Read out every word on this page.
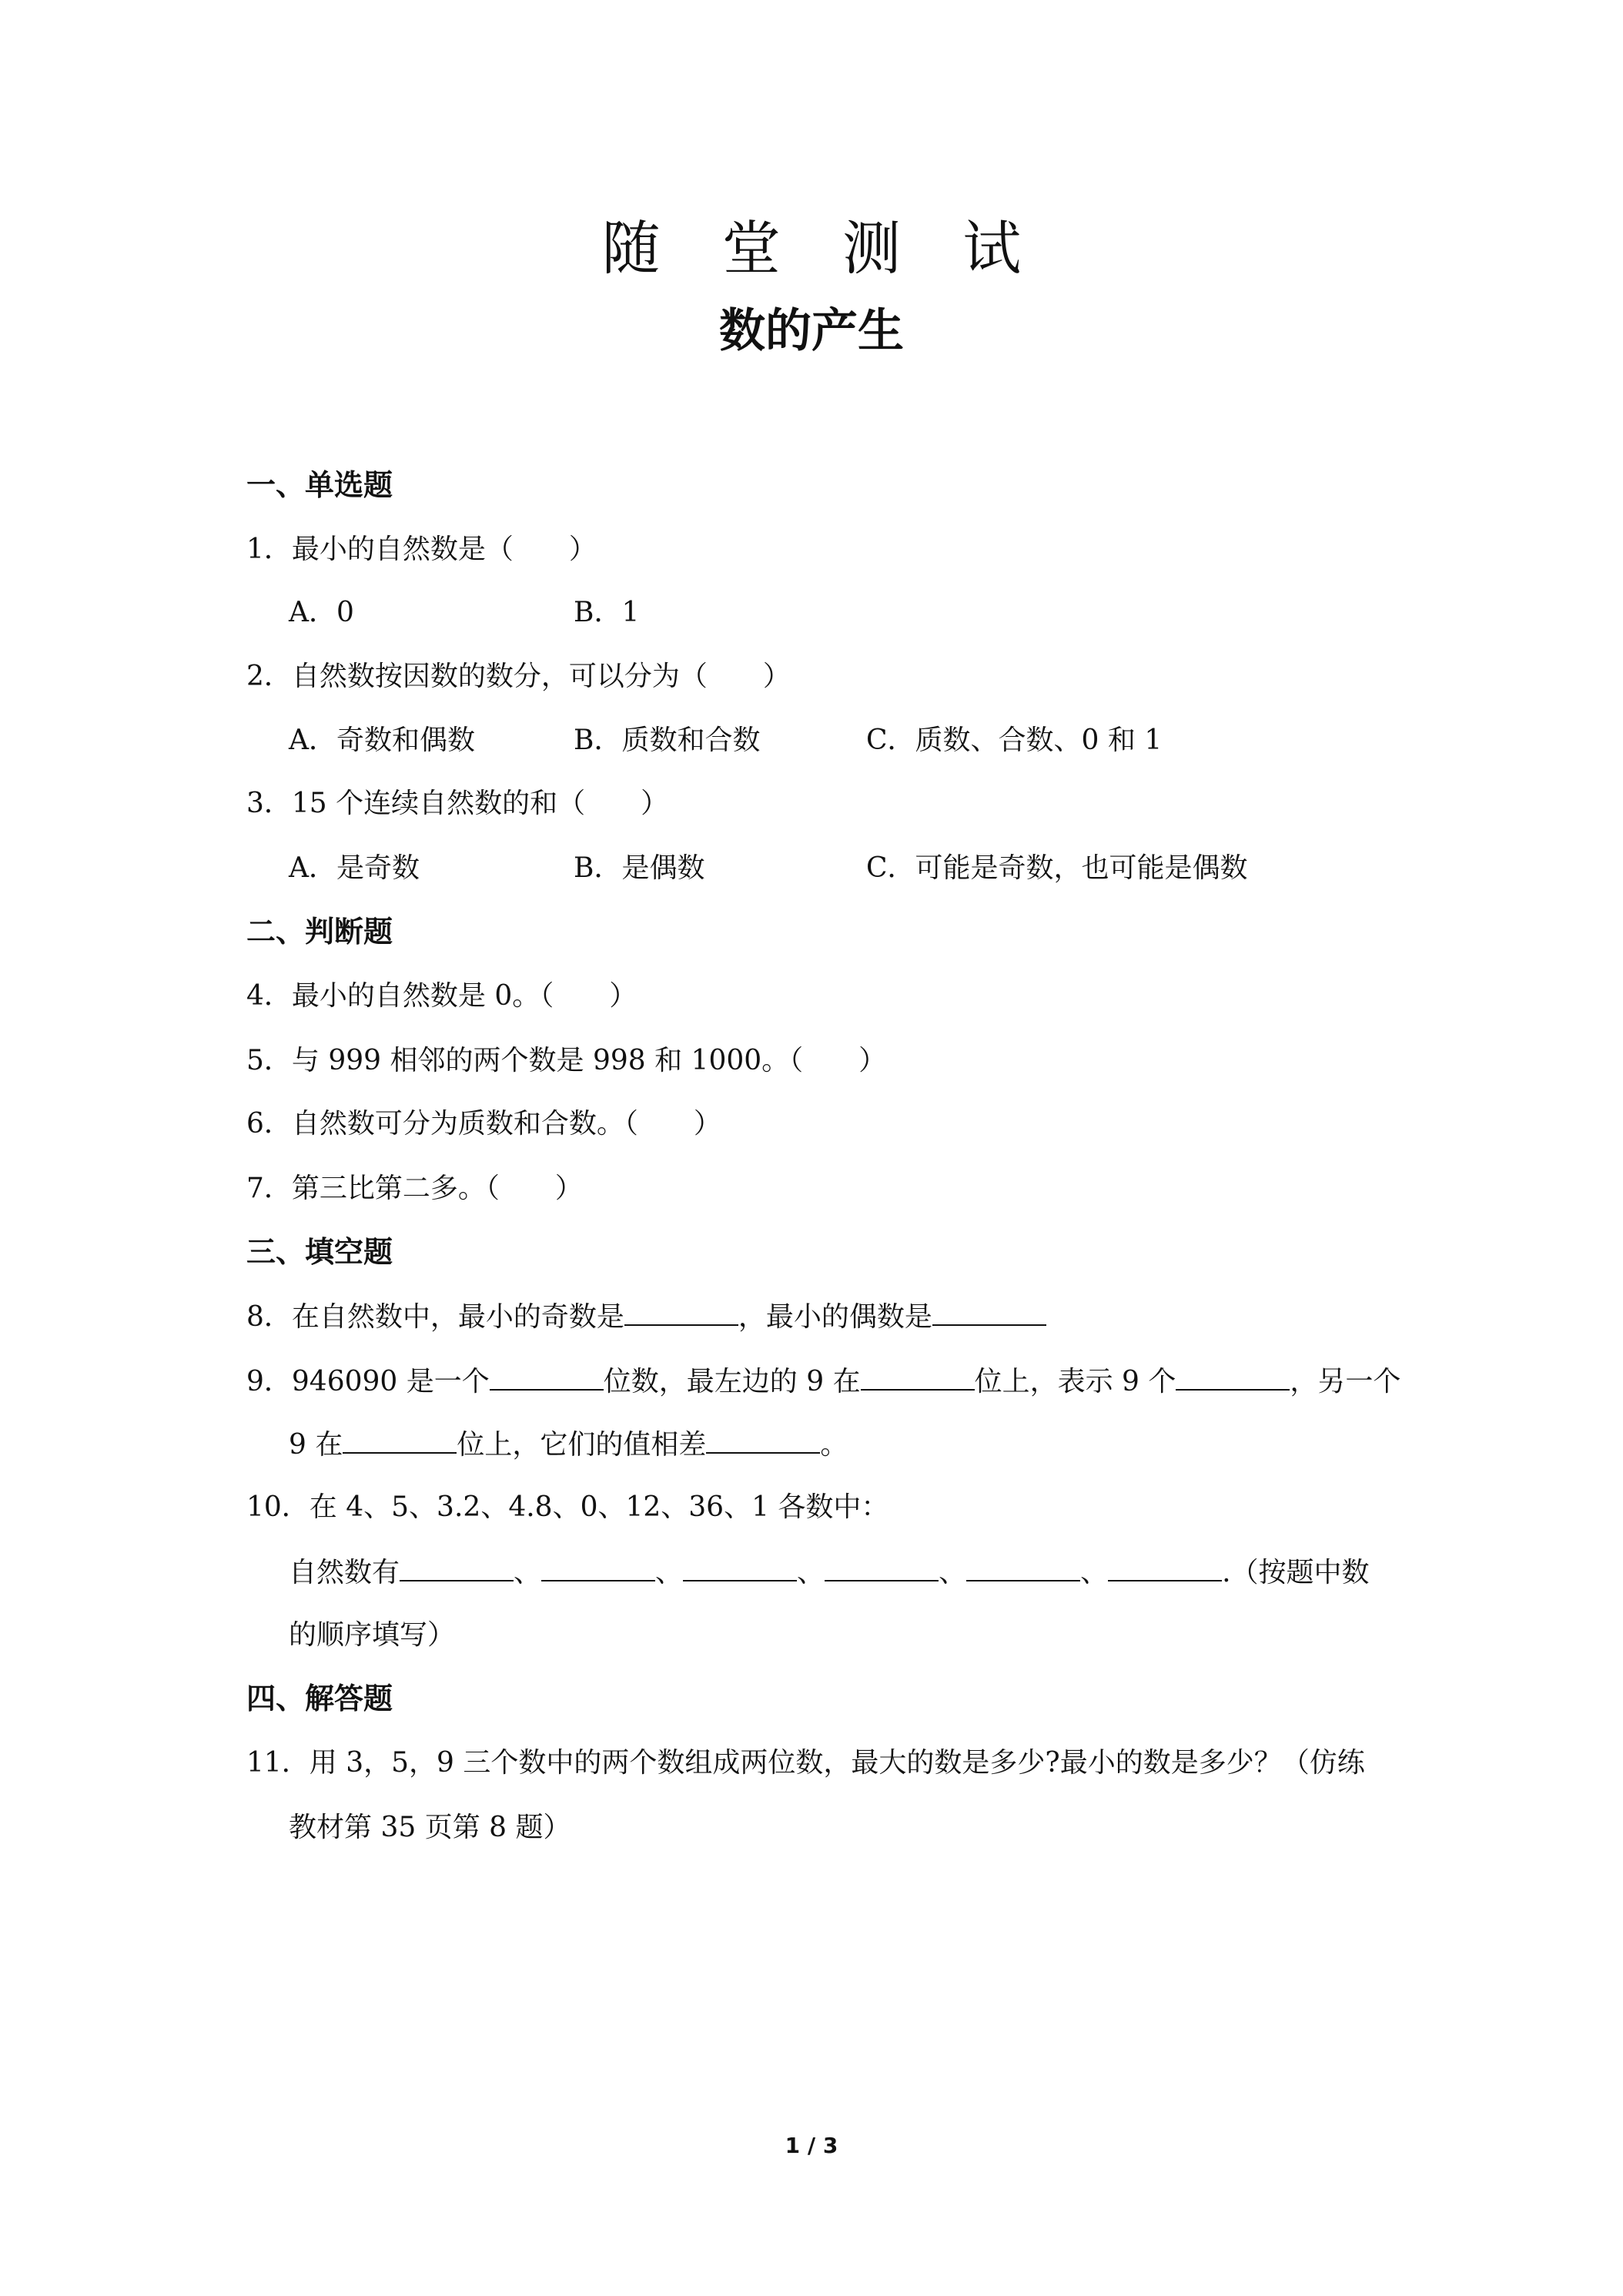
随 堂 测 试
数的产生
一、单选题
1．最小的自然数是（　　）
A．0	B．1
2．自然数按因数的数分，可以分为（　　）
A．奇数和偶数	B．质数和合数	C．质数、合数、0 和 1
3．15 个连续自然数的和（　　）
A．是奇数	B．是偶数	C．可能是奇数，也可能是偶数
二、判断题
4．最小的自然数是 0。（　　）
5．与 999 相邻的两个数是 998 和 1000。（　　）
6．自然数可分为质数和合数。（　　）
7．第三比第二多。（　　）
三、填空题
8．在自然数中，最小的奇数是	，最小的偶数是
9．946090 是一个	位数，最左边的 9 在	位上，表示 9 个	，另一个
9 在	位上，它们的值相差	。
10．在 4、5、3.2、4.8、0、12、36、1 各数中：
自然数有	、	、	、	、	、	.（按题中数
的顺序填写）
四、解答题
11．用 3，5，9 三个数中的两个数组成两位数，最大的数是多少?最小的数是多少？（仿练
教材第 35 页第 8 题）
1 / 3
